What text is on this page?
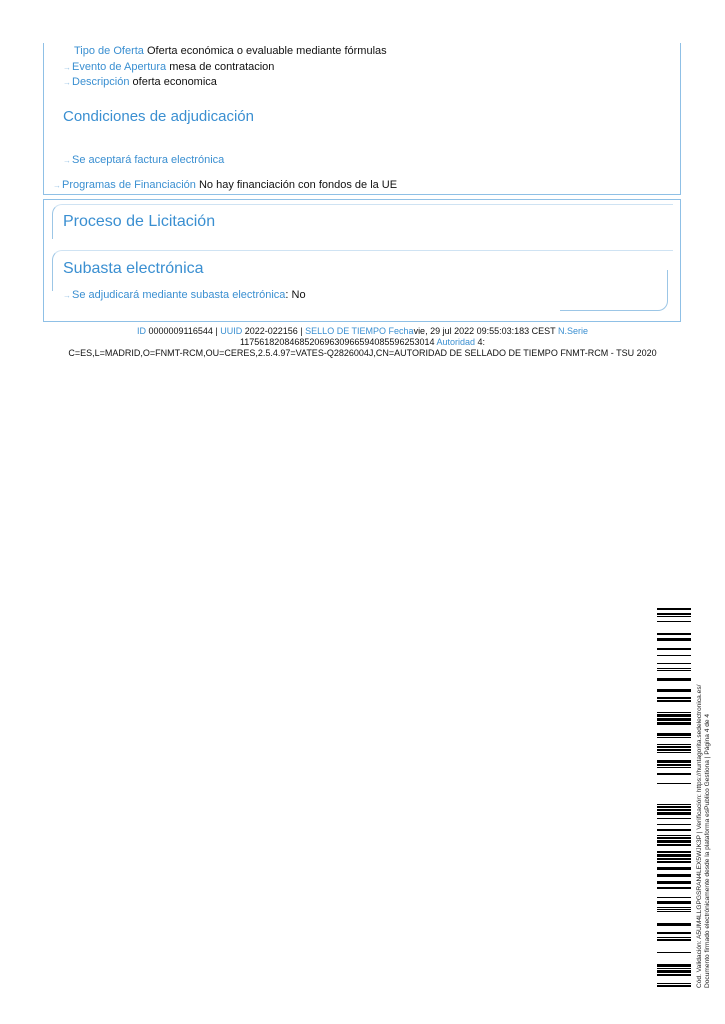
Tipo de Oferta Oferta económica o evaluable mediante fórmulas
→Evento de Apertura mesa de contratacion
→Descripción oferta economica
Condiciones de adjudicación
→Se aceptará factura electrónica
→Programas de Financiación No hay financiación con fondos de la UE
Proceso de Licitación
Subasta electrónica
→Se adjudicará mediante subasta electrónica: No
ID 0000009116544 | UUID 2022-022156 | SELLO DE TIEMPO Fechavie, 29 jul 2022 09:55:03:183 CEST N.Serie
117561820846852069630966594085596253014 Autoridad 4:
C=ES,L=MADRID,O=FNMT-RCM,OU=CERES,2.5.4.97=VATES-Q2826004J,CN=AUTORIDAD DE SELLADO DE TIEMPO FNMT-RCM - TSU 2020
Cód. Validación: A5UM4LLGPGSRAN4LEX5WJK3P | Verificación: https://huntagorita.sedelectronica.es/ Documento firmado electrónicamente desde la plataforma esPublico Gestiona | Página 4 de 4
